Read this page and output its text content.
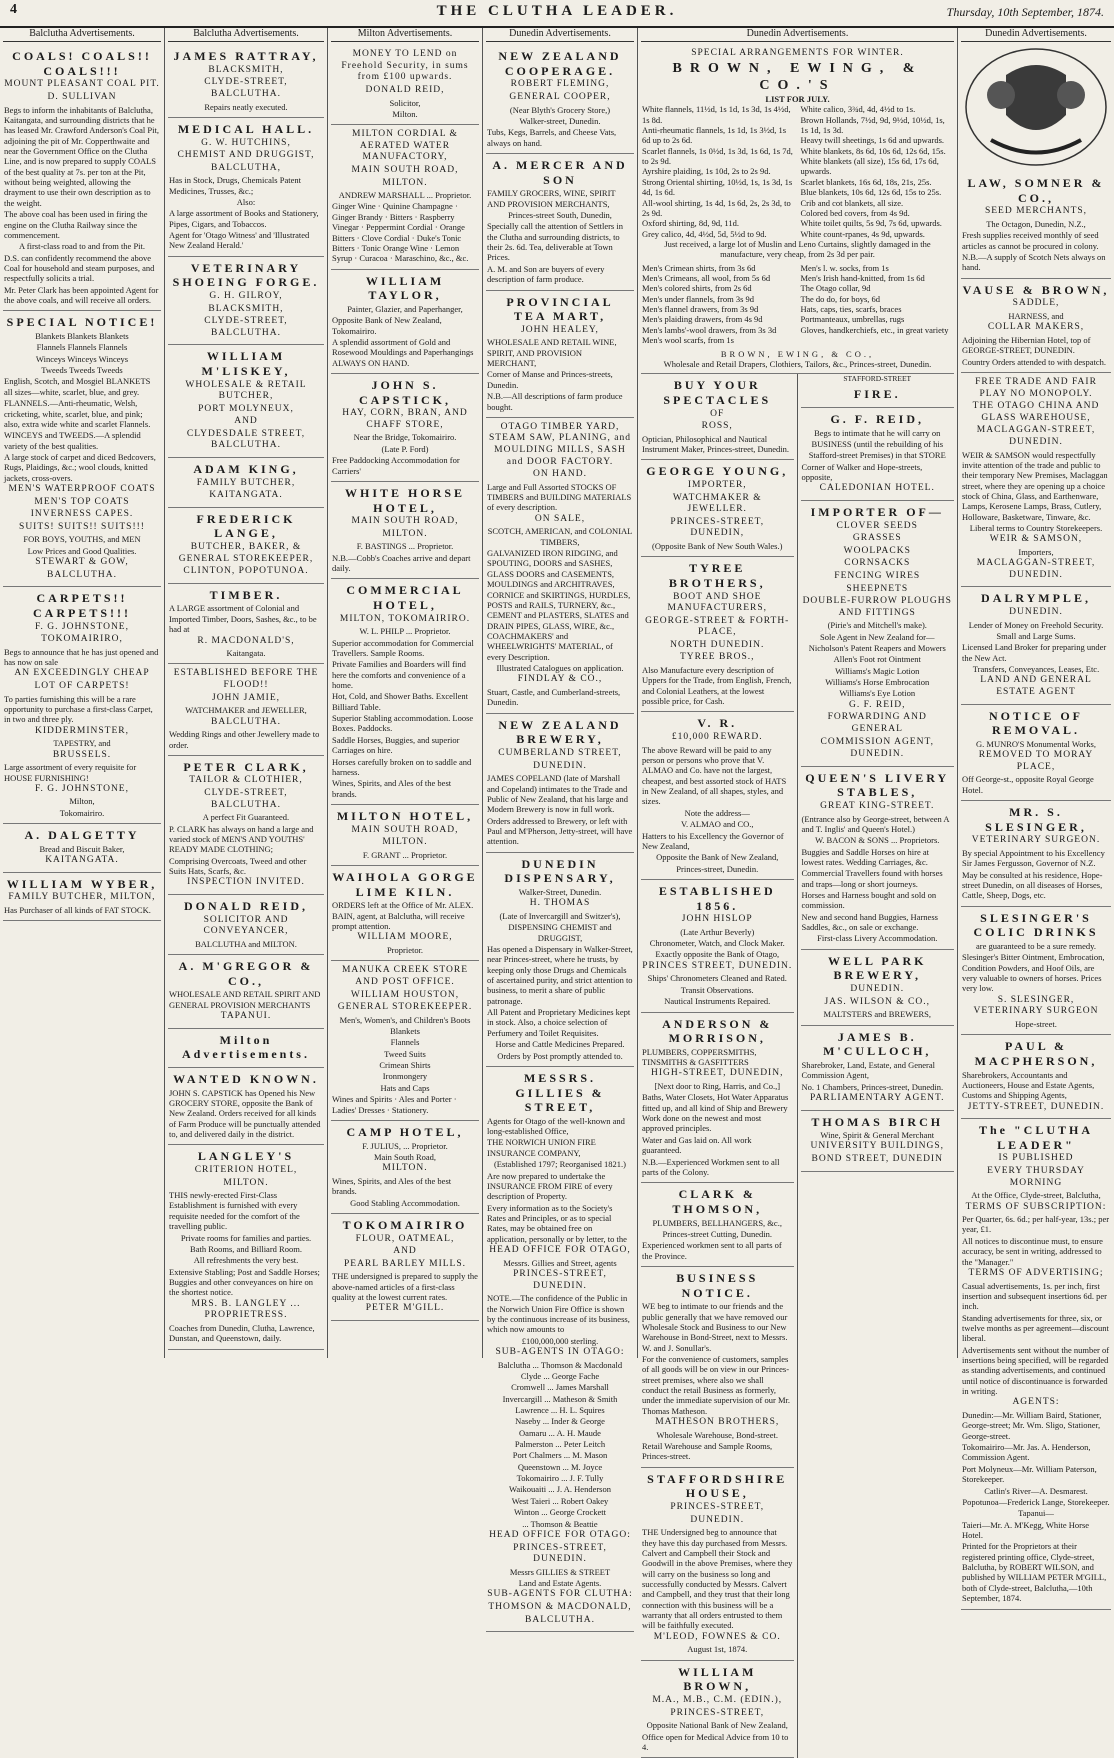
4	THE CLUTHA LEADER.	Thursday, 10th September, 1874.
Balclutha Advertisements.

COALS! COALS!! COALS!!!

MOUNT PLEASANT COAL PIT.

D. SULLIVAN

Begs to inform the inhabitants of Balclutha, Kaitangata, and surrounding districts that he has leased Mr. Crawford Anderson's Coal Pit, adjoining the pit of Mr. Copperthwaite and near the Government Office on the Clutha Line, and is now prepared to supply COALS of the best quality at 7s. per ton at the Pit, without being weighted, allowing the drayment to use their own description as to the weight.

The above coal has been used in firing the engine on the Clutha Railway since the commencement.

A first-class road to and from the Pit.

D.S. can confidently recommend the above Coal for household and steam purposes, and respectfully solicits a trial.

Mr. Peter Clark has been appointed Agent for the above coals, and will receive all orders.

SPECIAL NOTICE!

Blankets Blankets Blankets

Flannels Flannels Flannels

Winceys Winceys Winceys

Tweeds Tweeds Tweeds

English, Scotch, and Mosgiel BLANKETS all sizes—white, scarlet, blue, and grey.

FLANNELS.—Anti-rheumatic, Welsh, cricketing, white, scarlet, blue, and pink; also, extra wide white and scarlet Flannels.

WINCEYS and TWEEDS.—A splendid variety of the best qualities.

A large stock of carpet and diced Bedcovers, Rugs, Plaidings, &c.; wool clouds, knitted jackets, cross-overs.

MEN'S WATERPROOF COATS

MEN'S TOP COATS

INVERNESS CAPES.

SUITS! SUITS!! SUITS!!!

FOR BOYS, YOUTHS, and MEN

Low Prices and Good Qualities.

STEWART & GOW,

BALCLUTHA.

CARPETS!! CARPETS!!!

F. G. JOHNSTONE,

TOKOMAIRIRO,

Begs to announce that he has just opened and has now on sale

AN EXCEEDINGLY CHEAP

LOT OF CARPETS!

To parties furnishing this will be a rare opportunity to purchase a first-class Carpet, in two and three ply.

KIDDERMINSTER,

TAPESTRY, and

BRUSSELS.

Large assortment of every requisite for HOUSE FURNISHING!

F. G. JOHNSTONE,

Milton,

Tokomairiro.

A. DALGETTY

Bread and Biscuit Baker,

KAITANGATA.

WILLIAM WYBER,

FAMILY BUTCHER, MILTON,

Has Purchaser of all kinds of FAT STOCK.

Balclutha Advertisements.

JAMES RATTRAY,

BLACKSMITH,

CLYDE-STREET, BALCLUTHA.

Repairs neatly executed.

MEDICAL HALL.

G. W. HUTCHINS,

CHEMIST AND DRUGGIST,

BALCLUTHA,

Has in Stock, Drugs, Chemicals Patent Medicines, Trusses, &c.;

Also:

A large assortment of Books and Stationery, Pipes, Cigars, and Tobaccos.

Agent for 'Otago Witness' and 'Illustrated New Zealand Herald.'

VETERINARY SHOEING FORGE.

G. H. GILROY,

BLACKSMITH,

CLYDE-STREET, BALCLUTHA.

WILLIAM M'LISKEY,

WHOLESALE & RETAIL BUTCHER,

PORT MOLYNEUX,

AND

CLYDESDALE STREET, BALCLUTHA.

ADAM KING,

FAMILY BUTCHER,

KAITANGATA.

FREDERICK LANGE,

BUTCHER, BAKER, & GENERAL STOREKEEPER,

CLINTON, POPOTUNOA.

TIMBER.

A LARGE assortment of Colonial and Imported Timber, Doors, Sashes, &c., to be had at

R. MACDONALD'S,

Kaitangata.

ESTABLISHED BEFORE THE FLOOD!!

JOHN JAMIE,

WATCHMAKER and JEWELLER,

BALCLUTHA.

Wedding Rings and other Jewellery made to order.

PETER CLARK,

TAILOR & CLOTHIER,

CLYDE-STREET, BALCLUTHA.

A perfect Fit Guaranteed.

P. CLARK has always on hand a large and varied stock of MEN'S AND YOUTHS' READY MADE CLOTHING;

Comprising Overcoats, Tweed and other Suits Hats, Scarfs, &c.

INSPECTION INVITED.

DONALD REID,

SOLICITOR AND CONVEYANCER,

BALCLUTHA and MILTON.

A. M'GREGOR & CO.,

WHOLESALE AND RETAIL SPIRIT AND GENERAL PROVISION MERCHANTS

TAPANUI.

Milton Advertisements.

WANTED KNOWN.

JOHN S. CAPSTICK has Opened his New GROCERY STORE, opposite the Bank of New Zealand. Orders received for all kinds of Farm Produce will be punctually attended to, and delivered daily in the district.

LANGLEY'S

CRITERION HOTEL,

MILTON.

THIS newly-erected First-Class Establishment is furnished with every requisite needed for the comfort of the travelling public.

Private rooms for families and parties.

Bath Rooms, and Billiard Room.

All refreshments the very best.

Extensive Stabling; Post and Saddle Horses; Buggies and other conveyances on hire on the shortest notice.

MRS. B. LANGLEY ... PROPRIETRESS.

Coaches from Dunedin, Clutha, Lawrence, Dunstan, and Queenstown, daily.

Milton Advertisements.

MONEY TO LEND on Freehold Security, in sums from £100 upwards.

DONALD REID,

Solicitor,

Milton.

MILTON CORDIAL & AERATED WATER MANUFACTORY,

MAIN SOUTH ROAD,

MILTON.

ANDREW MARSHALL ... Proprietor.

Ginger Wine · Quinine Champagne · Ginger Brandy · Bitters · Raspberry Vinegar · Peppermint Cordial · Orange Bitters · Clove Cordial · Duke's Tonic Bitters · Tonic Orange Wine · Lemon Syrup · Curacoa · Maraschino, &c., &c.

WILLIAM TAYLOR,

Painter, Glazier, and Paperhanger,

Opposite Bank of New Zealand, Tokomairiro.

A splendid assortment of Gold and Rosewood Mouldings and Paperhangings ALWAYS ON HAND.

JOHN S. CAPSTICK,

HAY, CORN, BRAN, AND CHAFF STORE,

Near the Bridge, Tokomairiro.

(Late P. Ford)

Free Paddocking Accommodation for Carriers'

WHITE HORSE HOTEL,

MAIN SOUTH ROAD,

MILTON.

F. BASTINGS ... Proprietor.

N.B.—Cobb's Coaches arrive and depart daily.

COMMERCIAL HOTEL,

MILTON, TOKOMAIRIRO.

W. L. PHILP ... Proprietor.

Superior accommodation for Commercial Travellers. Sample Rooms.

Private Families and Boarders will find here the comforts and convenience of a home.

Hot, Cold, and Shower Baths. Excellent Billiard Table.

Superior Stabling accommodation. Loose Boxes. Paddocks.

Saddle Horses, Buggies, and superior Carriages on hire.

Horses carefully broken on to saddle and harness.

Wines, Spirits, and Ales of the best brands.

MILTON HOTEL,

MAIN SOUTH ROAD,

MILTON.

F. GRANT ... Proprietor.

WAIHOLA GORGE LIME KILN.

ORDERS left at the Office of Mr. ALEX. BAIN, agent, at Balclutha, will receive prompt attention.

WILLIAM MOORE,

Proprietor.

MANUKA CREEK STORE AND POST OFFICE.

WILLIAM HOUSTON,

GENERAL STOREKEEPER.

Men's, Women's, and Children's Boots

Blankets

Flannels

Tweed Suits

Crimean Shirts

Ironmongery

Hats and Caps

Wines and Spirits · Ales and Porter · Ladies' Dresses · Stationery.

CAMP HOTEL,

F. JULIUS, ... Proprietor.

Main South Road,

MILTON.

Wines, Spirits, and Ales of the best brands.

Good Stabling Accommodation.

TOKOMAIRIRO

FLOUR, OATMEAL,

AND

PEARL BARLEY MILLS.

THE undersigned is prepared to supply the above-named articles of a first-class quality at the lowest current rates.

PETER M'GILL.

Dunedin Advertisements.

NEW ZEALAND COOPERAGE.

ROBERT FLEMING,

GENERAL COOPER,

(Near Blyth's Grocery Store,)

Walker-street, Dunedin.

Tubs, Kegs, Barrels, and Cheese Vats, always on hand.

A. MERCER AND SON

FAMILY GROCERS, WINE, SPIRIT AND PROVISION MERCHANTS,

Princes-street South, Dunedin,

Specially call the attention of Settlers in the Clutha and surrounding districts, to their 2s. 6d. Tea, deliverable at Town Prices.

A. M. and Son are buyers of every description of farm produce.

PROVINCIAL TEA MART,

JOHN HEALEY,

WHOLESALE AND RETAIL WINE, SPIRIT, AND PROVISION MERCHANT,

Corner of Manse and Princes-streets, Dunedin.

N.B.—All descriptions of farm produce bought.

OTAGO TIMBER YARD, STEAM SAW, PLANING, and MOULDING MILLS, SASH and DOOR FACTORY.

ON HAND.

Large and Full Assorted STOCKS OF TIMBERS and BUILDING MATERIALS of every description.

ON SALE,

SCOTCH, AMERICAN, and COLONIAL TIMBERS,

GALVANIZED IRON RIDGING, and SPOUTING, DOORS and SASHES, GLASS DOORS and CASEMENTS, MOULDINGS and ARCHITRAVES, CORNICE and SKIRTINGS, HURDLES, POSTS and RAILS, TURNERY, &c., CEMENT and PLASTERS, SLATES and DRAIN PIPES, GLASS, WIRE, &c., COACHMAKERS' and WHEELWRIGHTS' MATERIAL, of every Description.

Illustrated Catalogues on application.

FINDLAY & CO.,

Stuart, Castle, and Cumberland-streets, Dunedin.

NEW ZEALAND BREWERY,

CUMBERLAND STREET,

DUNEDIN.

JAMES COPELAND (late of Marshall and Copeland) intimates to the Trade and Public of New Zealand, that his large and Modern Brewery is now in full work.

Orders addressed to Brewery, or left with Paul and M'Pherson, Jetty-street, will have attention.

DUNEDIN DISPENSARY,

Walker-Street, Dunedin.

H. THOMAS

(Late of Invercargill and Switzer's),

DISPENSING CHEMIST and DRUGGIST,

Has opened a Dispensary in Walker-Street, near Princes-street, where he trusts, by keeping only those Drugs and Chemicals of ascertained purity, and strict attention to business, to merit a share of public patronage.

All Patent and Proprietary Medicines kept in stock. Also, a choice selection of Perfumery and Toilet Requisites.

Horse and Cattle Medicines Prepared.

Orders by Post promptly attended to.

MESSRS. GILLIES & STREET,

Agents for Otago of the well-known and long-established Office,

THE NORWICH UNION FIRE INSURANCE COMPANY,

(Established 1797; Reorganised 1821.)

Are now prepared to undertake the INSURANCE FROM FIRE of every description of Property.

Every information as to the Society's Rates and Principles, or as to special Rates, may be obtained free on application, personally or by letter, to the

HEAD OFFICE FOR OTAGO,

Messrs. Gillies and Street, agents

PRINCES-STREET, DUNEDIN.

NOTE.—The confidence of the Public in the Norwich Union Fire Office is shown by the continuous increase of its business, which now amounts to

£100,000,000 sterling.

SUB-AGENTS IN OTAGO:

Balclutha ... Thomson & Macdonald

Clyde ... George Fache

Cromwell ... James Marshall

Invercargill ... Matheson & Smith

Lawrence ... H. L. Squires

Naseby ... Inder & George

Oamaru ... A. H. Maude

Palmerston ... Peter Leitch

Port Chalmers ... M. Mason

Queenstown ... M. Joyce

Tokomairiro ... J. F. Tully

Waikouaiti ... J. A. Henderson

West Taieri ... Robert Oakey

Winton ... George Crockett

... Thomson & Beattie

HEAD OFFICE FOR OTAGO:

PRINCES-STREET, DUNEDIN.

Messrs GILLIES & STREET

Land and Estate Agents.

SUB-AGENTS FOR CLUTHA:

THOMSON & MACDONALD,

BALCLUTHA.

Dunedin Advertisements.
SPECIAL ARRANGEMENTS FOR WINTER.
BROWN, EWING, & CO.'S
LIST FOR JULY.
White flannels, 11½d, 1s 1d, 1s 3d, 1s 4½d, 1s 8d.
Anti-rheumatic flannels, 1s 1d, 1s 3½d, 1s 6d up to 2s 6d.
Scarlet flannels, 1s 0½d, 1s 3d, 1s 6d, 1s 7d, to 2s 9d.
Ayrshire plaiding, 1s 10d, 2s to 2s 9d.
Strong Oriental shirting, 10½d, 1s, 1s 3d, 1s 4d, 1s 6d.
All-wool shirting, 1s 4d, 1s 6d, 2s, 2s 3d, to 2s 9d.
Oxford shirting, 8d, 9d, 11d.
Grey calico, 4d, 4½d, 5d, 5½d to 9d.
White calico, 3¾d, 4d, 4½d to 1s.
Brown Hollands, 7½d, 9d, 9½d, 10½d, 1s, 1s 1d, 1s 3d.
Heavy twill sheetings, 1s 6d and upwards.
White blankets, 8s 6d, 10s 6d, 12s 6d, 15s.
White blankets (all size), 15s 6d, 17s 6d, upwards.
Scarlet blankets, 16s 6d, 18s, 21s, 25s.
Blue blankets, 10s 6d, 12s 6d, 15s to 25s.
Crib and cot blankets, all size.
Colored bed covers, from 4s 9d.
White toilet quilts, 5s 9d, 7s 6d, upwards.
White count-rpanes, 4s 9d, upwards.
Just received, a large lot of Muslin and Leno Curtains, slightly damaged in the manufacture, very cheap, from 2s 3d per pair.
Men's Crimean shirts, from 3s 6d
Men's Crimeans, all wool, from 5s 6d
Men's colored shirts, from 2s 6d
Men's under flannels, from 3s 9d
Men's flannel drawers, from 3s 9d
Men's plaiding drawers, from 4s 9d
Men's lambs'-wool drawers, from 3s 3d
Men's wool scarfs, from 1s
Men's l. w. socks, from 1s
Men's Irish hand-knitted, from 1s 6d
The Otago collar, 9d
The do do, for boys, 6d
Hats, caps, ties, scarfs, braces
Portmanteaux, umbrellas, rugs
Gloves, handkerchiefs, etc., in great variety
BROWN, EWING, & CO.,
Wholesale and Retail Drapers, Clothiers, Tailors, &c., Princes-street, Dunedin.

BUY YOUR SPECTACLES

OF

ROSS,

Optician, Philosophical and Nautical Instrument Maker, Princes-street, Dunedin.

GEORGE YOUNG,

IMPORTER,

WATCHMAKER & JEWELLER.

PRINCES-STREET, DUNEDIN,

(Opposite Bank of New South Wales.)

TYREE BROTHERS,

BOOT AND SHOE MANUFACTURERS,

GEORGE-STREET & FORTH-PLACE,

NORTH DUNEDIN.

TYREE BROS.,

Also Manufacture every description of Uppers for the Trade, from English, French, and Colonial Leathers, at the lowest possible price, for Cash.

V. R.

£10,000 REWARD.

The above Reward will be paid to any person or persons who prove that V. ALMAO and Co. have not the largest, cheapest, and best assorted stock of HATS in New Zealand, of all shapes, styles, and sizes.

Note the address—

V. ALMAO and CO.,

Hatters to his Excellency the Governor of New Zealand,

Opposite the Bank of New Zealand,

Princes-street, Dunedin.

ESTABLISHED 1856.

JOHN HISLOP

(Late Arthur Beverly)

Chronometer, Watch, and Clock Maker.

Exactly opposite the Bank of Otago,

PRINCES STREET, DUNEDIN.

Ships' Chronometers Cleaned and Rated.

Transit Observations.

Nautical Instruments Repaired.

ANDERSON & MORRISON,

PLUMBERS, COPPERSMITHS, TINSMITHS & GASFITTERS

HIGH-STREET, DUNEDIN,

[Next door to Ring, Harris, and Co.,]

Baths, Water Closets, Hot Water Apparatus fitted up, and all kind of Ship and Brewery Work done on the newest and most approved principles.

Water and Gas laid on. All work guaranteed.

N.B.—Experienced Workmen sent to all parts of the Colony.

CLARK & THOMSON,

PLUMBERS, BELLHANGERS, &c.,

Princes-street Cutting, Dunedin.

Experienced workmen sent to all parts of the Province.

BUSINESS NOTICE.

WE beg to intimate to our friends and the public generally that we have removed our Wholesale Stock and Business to our New Warehouse in Bond-Street, next to Messrs. W. and J. Sonullar's.

For the convenience of customers, samples of all goods will be on view in our Princes-street premises, where also we shall conduct the retail Business as formerly, under the immediate supervision of our Mr. Thomas Matheson.

MATHESON BROTHERS,

Wholesale Warehouse, Bond-street.

Retail Warehouse and Sample Rooms, Princes-street.

STAFFORDSHIRE HOUSE,

PRINCES-STREET,

DUNEDIN.

THE Undersigned beg to announce that they have this day purchased from Messrs. Calvert and Campbell their Stock and Goodwill in the above Premises, where they will carry on the business so long and successfully conducted by Messrs. Calvert and Campbell, and they trust that their long connection with this business will be a warranty that all orders entrusted to them will be faithfully executed.

M'LEOD, FOWNES & CO.

August 1st, 1874.

WILLIAM BROWN,

M.A., M.B., C.M. (EDIN.),

PRINCES-STREET,

Opposite National Bank of New Zealand,

Office open for Medical Advice from 10 to 4.

STAFFORD-STREET

FIRE.

G. F. REID,

Begs to intimate that he will carry on

BUSINESS (until the rebuilding of his

Stafford-street Premises) in that STORE

Corner of Walker and Hope-streets, opposite,

CALEDONIAN HOTEL.

IMPORTER OF—

CLOVER SEEDS

GRASSES

WOOLPACKS

CORNSACKS

FENCING WIRES

SHEEPNETS

DOUBLE-FURROW PLOUGHS AND FITTINGS

(Pirie's and Mitchell's make).

Sole Agent in New Zealand for—

Nicholson's Patent Reapers and Mowers

Allen's Foot rot Ointment

Williams's Magic Lotion

Williams's Horse Embrocation

Williams's Eye Lotion

G. F. REID,

FORWARDING AND GENERAL

COMMISSION AGENT,

DUNEDIN.

QUEEN'S LIVERY STABLES,

GREAT KING-STREET.

(Entrance also by George-street, between A and T. Inglis' and Queen's Hotel.)

W. BACON & SONS ... Proprietors.

Buggies and Saddle Horses on hire at lowest rates. Wedding Carriages, &c.

Commercial Travellers found with horses and traps—long or short journeys.

Horses and Harness bought and sold on commission.

New and second hand Buggies, Harness Saddles, &c., on sale or exchange.

First-class Livery Accommodation.

WELL PARK BREWERY,

DUNEDIN.

JAS. WILSON & CO.,

MALTSTERS and BREWERS,

JAMES B. M'CULLOCH,

Sharebroker, Land, Estate, and General Commission Agent,

No. 1 Chambers, Princes-street, Dunedin.

PARLIAMENTARY AGENT.

THOMAS BIRCH

Wine, Spirit & General Merchant

UNIVERSITY BUILDINGS,

BOND STREET, DUNEDIN

Dunedin Advertisements.

LAW, SOMNER & CO.,

SEED MERCHANTS,

The Octagon, Dunedin, N.Z.,

Fresh supplies received monthly of seed articles as cannot be procured in colony.

N.B.—A supply of Scotch Nets always on hand.

VAUSE & BROWN,

SADDLE,

HARNESS, and

COLLAR MAKERS,

Adjoining the Hibernian Hotel, top of GEORGE-STREET, DUNEDIN.

Country Orders attended to with despatch.

FREE TRADE AND FAIR PLAY NO MONOPOLY.

THE OTAGO CHINA AND GLASS WAREHOUSE,

MACLAGGAN-STREET, DUNEDIN.

WEIR & SAMSON would respectfully invite attention of the trade and public to their temporary New Premises, Maclaggan street, where they are opening up a choice stock of China, Glass, and Earthenware, Lamps, Kerosene Lamps, Brass, Cutlery, Holloware, Basketware, Tinware, &c.

Liberal terms to Country Storekeepers.

WEIR & SAMSON,

Importers,

MACLAGGAN-STREET, DUNEDIN.

DALRYMPLE,

DUNEDIN.

Lender of Money on Freehold Security.

Small and Large Sums.

Licensed Land Broker for preparing under the New Act.

Transfers, Conveyances, Leases, Etc.

LAND AND GENERAL ESTATE AGENT

NOTICE OF REMOVAL.

G. MUNRO'S Monumental Works,

REMOVED TO MORAY PLACE,

Off George-st., opposite Royal George Hotel.

MR. S. SLESINGER,

VETERINARY SURGEON.

By special Appointment to his Excellency Sir James Fergusson, Governor of N.Z.

May be consulted at his residence, Hope-street Dunedin, on all diseases of Horses, Cattle, Sheep, Dogs, etc.

SLESINGER'S COLIC DRINKS

are guaranteed to be a sure remedy.

Slesinger's Bitter Ointment, Embrocation, Condition Powders, and Hoof Oils, are very valuable to owners of horses. Prices very low.

S. SLESINGER, VETERINARY SURGEON

Hope-street.

PAUL & MACPHERSON,

Sharebrokers, Accountants and Auctioneers, House and Estate Agents, Customs and Shipping Agents,

JETTY-STREET, DUNEDIN.

The "CLUTHA LEADER"

IS PUBLISHED

EVERY THURSDAY MORNING

At the Office, Clyde-street, Balclutha,

TERMS OF SUBSCRIPTION:

Per Quarter, 6s. 6d.; per half-year, 13s.; per year, £1.

All notices to discontinue must, to ensure accuracy, be sent in writing, addressed to the "Manager."

TERMS OF ADVERTISING;

Casual advertisements, 1s. per inch, first insertion and subsequent insertions 6d. per inch.

Standing advertisements for three, six, or twelve months as per agreement—discount liberal.

Advertisements sent without the number of insertions being specified, will be regarded as standing advertisements, and continued until notice of discontinuance is forwarded in writing.

AGENTS:

Dunedin:—Mr. William Baird, Stationer, George-street; Mr. Wm. Sligo, Stationer, George-street.

Tokomairiro—Mr. Jas. A. Henderson, Commission Agent.

Port Molyneux—Mr. William Paterson, Storekeeper.

Catlin's River—A. Desmarest.

Popotunoa—Frederick Lange, Storekeeper.

Tapanui—

Taieri—Mr. A. M'Kegg, White Horse Hotel.

Printed for the Proprietors at their registered printing office, Clyde-street, Balclutha, by ROBERT WILSON, and published by WILLIAM PETER M'GILL, both of Clyde-street, Balclutha,—10th September, 1874.
